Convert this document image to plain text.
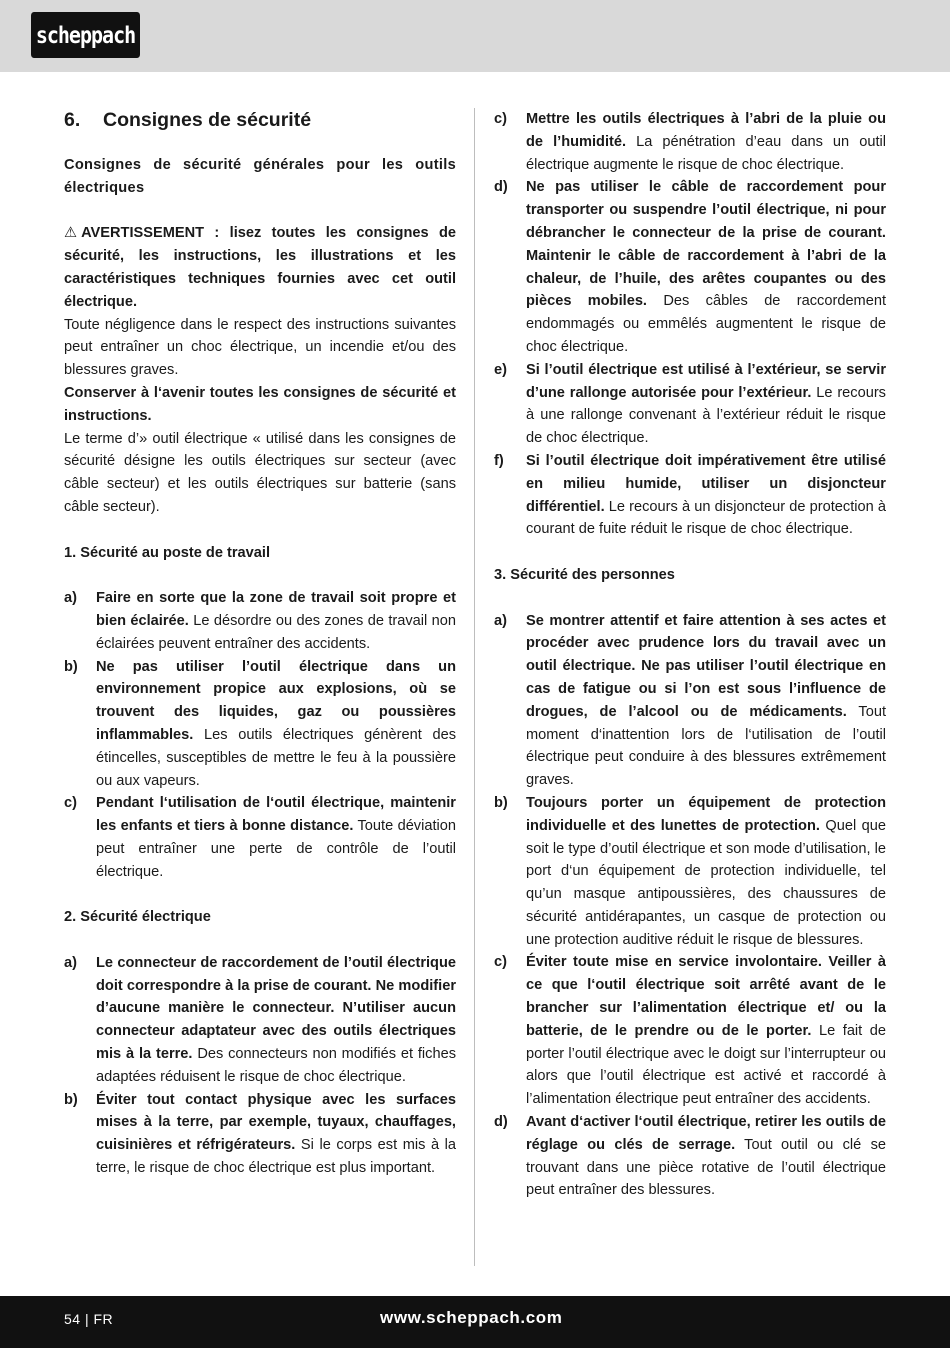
scheppach
6.	Consignes de sécurité
Consignes de sécurité générales pour les outils électriques
⚠ AVERTISSEMENT : lisez toutes les consignes de sécurité, les instructions, les illustrations et les caractéristiques techniques fournies avec cet outil électrique.
Toute négligence dans le respect des instructions suivantes peut entraîner un choc électrique, un incendie et/ou des blessures graves.
Conserver à l‘avenir toutes les consignes de sécurité et instructions.
Le terme d’» outil électrique « utilisé dans les consignes de sécurité désigne les outils électriques sur secteur (avec câble secteur) et les outils électriques sur batterie (sans câble secteur).
1. Sécurité au poste de travail
a)	Faire en sorte que la zone de travail soit propre et bien éclairée. Le désordre ou des zones de travail non éclairées peuvent entraîner des accidents.
b)	Ne pas utiliser l’outil électrique dans un environnement propice aux explosions, où se trouvent des liquides, gaz ou poussières inflammables. Les outils électriques génèrent des étincelles, susceptibles de mettre le feu à la poussière ou aux vapeurs.
c)	Pendant l‘utilisation de l‘outil électrique, maintenir les enfants et tiers à bonne distance. Toute déviation peut entraîner une perte de contrôle de l’outil électrique.
2. Sécurité électrique
a)	Le connecteur de raccordement de l’outil électrique doit correspondre à la prise de courant. Ne modifier d’aucune manière le connecteur. N’utiliser aucun connecteur adaptateur avec des outils électriques mis à la terre. Des connecteurs non modifiés et fiches adaptées réduisent le risque de choc électrique.
b)	Éviter tout contact physique avec les surfaces mises à la terre, par exemple, tuyaux, chauffages, cuisinières et réfrigérateurs. Si le corps est mis à la terre, le risque de choc électrique est plus important.
c)	Mettre les outils électriques à l’abri de la pluie ou de l’humidité. La pénétration d’eau dans un outil électrique augmente le risque de choc électrique.
d)	Ne pas utiliser le câble de raccordement pour transporter ou suspendre l’outil électrique, ni pour débrancher le connecteur de la prise de courant. Maintenir le câble de raccordement à l’abri de la chaleur, de l’huile, des arêtes coupantes ou des pièces mobiles. Des câbles de raccordement endommagés ou emmêlés augmentent le risque de choc électrique.
e)	Si l’outil électrique est utilisé à l’extérieur, se servir d’une rallonge autorisée pour l’extérieur. Le recours à une rallonge convenant à l’extérieur réduit le risque de choc électrique.
f)	Si l’outil électrique doit impérativement être utilisé en milieu humide, utiliser un disjoncteur différentiel. Le recours à un disjoncteur de protection à courant de fuite réduit le risque de choc électrique.
3. Sécurité des personnes
a)	Se montrer attentif et faire attention à ses actes et procéder avec prudence lors du travail avec un outil électrique. Ne pas utiliser l’outil électrique en cas de fatigue ou si l’on est sous l’influence de drogues, de l’alcool ou de médicaments. Tout moment d‘inattention lors de l‘utilisation de l’outil électrique peut conduire à des blessures extrêmement graves.
b)	Toujours porter un équipement de protection individuelle et des lunettes de protection. Quel que soit le type d’outil électrique et son mode d’utilisation, le port d‘un équipement de protection individuelle, tel qu’un masque antipoussières, des chaussures de sécurité antidérapantes, un casque de protection ou une protection auditive réduit le risque de blessures.
c)	Éviter toute mise en service involontaire. Veiller à ce que l‘outil électrique soit arrêté avant de le brancher sur l’alimentation électrique et/ ou la batterie, de le prendre ou de le porter. Le fait de porter l’outil électrique avec le doigt sur l’interrupteur ou alors que l’outil électrique est activé et raccordé à l’alimentation électrique peut entraîner des accidents.
d)	Avant d‘activer l‘outil électrique, retirer les outils de réglage ou clés de serrage. Tout outil ou clé se trouvant dans une pièce rotative de l’outil électrique peut entraîner des blessures.
54 | FR	www.scheppach.com
